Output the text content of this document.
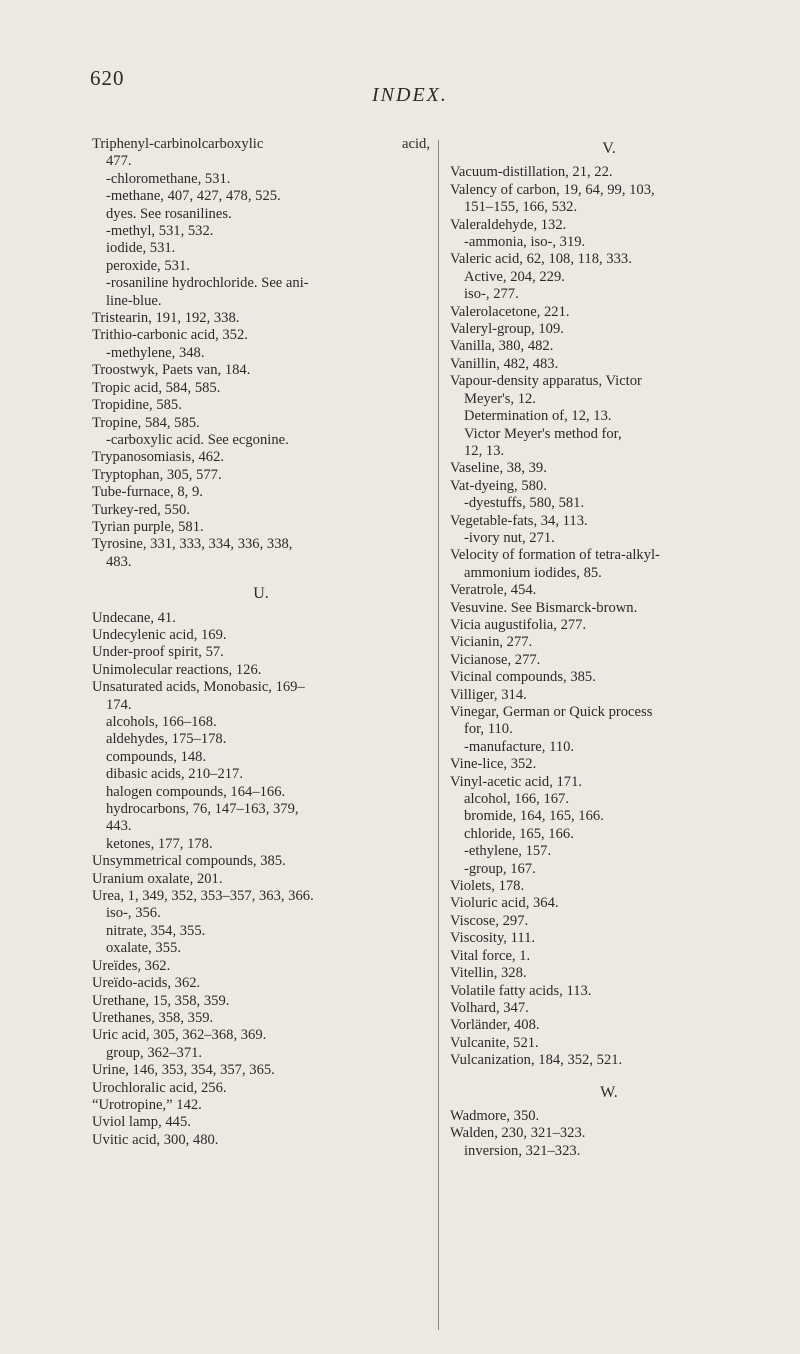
620
INDEX.

acid,
Triphenyl-carbinolcarboxylic

477.

-chloromethane, 531.

-methane, 407, 427, 478, 525.

dyes. See rosanilines.

-methyl, 531, 532.

iodide, 531.

peroxide, 531.

-rosaniline hydrochloride. See ani-

line-blue.

Tristearin, 191, 192, 338.

Trithio-carbonic acid, 352.

-methylene, 348.

Troostwyk, Paets van, 184.

Tropic acid, 584, 585.

Tropidine, 585.

Tropine, 584, 585.

-carboxylic acid. See ecgonine.

Trypanosomiasis, 462.

Tryptophan, 305, 577.

Tube-furnace, 8, 9.

Turkey-red, 550.

Tyrian purple, 581.

Tyrosine, 331, 333, 334, 336, 338,

483.

U.

Undecane, 41.

Undecylenic acid, 169.

Under-proof spirit, 57.

Unimolecular reactions, 126.

Unsaturated acids, Monobasic, 169–

174.

alcohols, 166–168.

aldehydes, 175–178.

compounds, 148.

dibasic acids, 210–217.

halogen compounds, 164–166.

hydrocarbons, 76, 147–163, 379,

443.

ketones, 177, 178.

Unsymmetrical compounds, 385.

Uranium oxalate, 201.

Urea, 1, 349, 352, 353–357, 363, 366.

iso-, 356.

nitrate, 354, 355.

oxalate, 355.

Ureïdes, 362.

Ureïdo-acids, 362.

Urethane, 15, 358, 359.

Urethanes, 358, 359.

Uric acid, 305, 362–368, 369.

group, 362–371.

Urine, 146, 353, 354, 357, 365.

Urochloralic acid, 256.

“Urotropine,” 142.

Uviol lamp, 445.

Uvitic acid, 300, 480.

V.

Vacuum-distillation, 21, 22.

Valency of carbon, 19, 64, 99, 103,

151–155, 166, 532.

Valeraldehyde, 132.

-ammonia, iso-, 319.

Valeric acid, 62, 108, 118, 333.

Active, 204, 229.

iso-, 277.

Valerolacetone, 221.

Valeryl-group, 109.

Vanilla, 380, 482.

Vanillin, 482, 483.

Vapour-density apparatus, Victor

Meyer's, 12.

Determination of, 12, 13.

Victor Meyer's method for,

12, 13.

Vaseline, 38, 39.

Vat-dyeing, 580.

-dyestuffs, 580, 581.

Vegetable-fats, 34, 113.

-ivory nut, 271.

Velocity of formation of tetra-alkyl-

ammonium iodides, 85.

Veratrole, 454.

Vesuvine. See Bismarck-brown.

Vicia augustifolia, 277.

Vicianin, 277.

Vicianose, 277.

Vicinal compounds, 385.

Villiger, 314.

Vinegar, German or Quick process

for, 110.

-manufacture, 110.

Vine-lice, 352.

Vinyl-acetic acid, 171.

alcohol, 166, 167.

bromide, 164, 165, 166.

chloride, 165, 166.

-ethylene, 157.

-group, 167.

Violets, 178.

Violuric acid, 364.

Viscose, 297.

Viscosity, 111.

Vital force, 1.

Vitellin, 328.

Volatile fatty acids, 113.

Volhard, 347.

Vorländer, 408.

Vulcanite, 521.

Vulcanization, 184, 352, 521.

W.

Wadmore, 350.

Walden, 230, 321–323.

inversion, 321–323.
